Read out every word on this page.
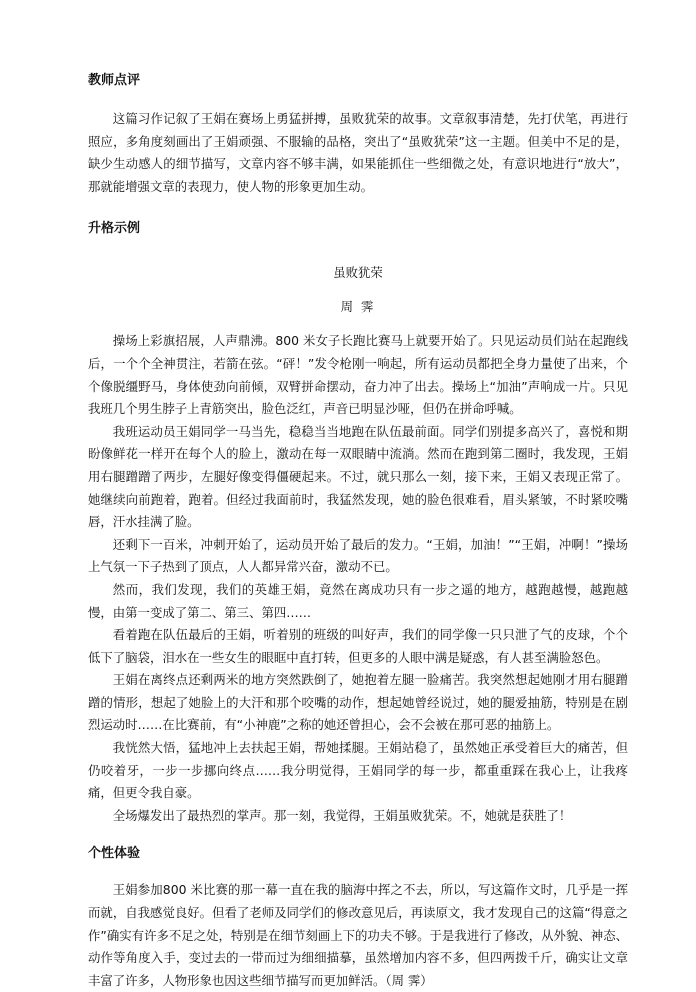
教师点评

这篇习作记叙了王娟在赛场上勇猛拼搏，虽败犹荣的故事。文章叙事清楚，先打伏笔，再进行照应，多角度刻画出了王娟顽强、不服输的品格，突出了“虽败犹荣”这一主题。但美中不足的是，缺少生动感人的细节描写，文章内容不够丰满，如果能抓住一些细微之处，有意识地进行“放大”，那就能增强文章的表现力，使人物的形象更加生动。

升格示例

虽败犹荣

周 霁

操场上彩旗招展，人声鼎沸。800 米女子长跑比赛马上就要开始了。只见运动员们站在起跑线后，一个个全神贯注，若箭在弦。“砰！”发令枪刚一响起，所有运动员都把全身力量使了出来，个个像脱缰野马，身体使劲向前倾，双臂拼命摆动，奋力冲了出去。操场上“加油”声响成一片。只见我班几个男生脖子上青筋突出，脸色泛红，声音已明显沙哑，但仍在拼命呼喊。

我班运动员王娟同学一马当先，稳稳当当地跑在队伍最前面。同学们别提多高兴了，喜悦和期盼像鲜花一样开在每个人的脸上，激动在每一双眼睛中流淌。然而在跑到第二圈时，我发现，王娟用右腿蹭蹭了两步，左腿好像变得僵硬起来。不过，就只那么一刻，接下来，王娟又表现正常了。她继续向前跑着，跑着。但经过我面前时，我猛然发现，她的脸色很难看，眉头紧皱，不时紧咬嘴唇，汗水挂满了脸。

还剩下一百米，冲刺开始了，运动员开始了最后的发力。“王娟，加油！”“王娟，冲啊！”操场上气氛一下子热到了顶点，人人都异常兴奋，激动不已。

然而，我们发现，我们的英雄王娟，竟然在离成功只有一步之遥的地方，越跑越慢，越跑越慢，由第一变成了第二、第三、第四……

看着跑在队伍最后的王娟，听着别的班级的叫好声，我们的同学像一只只泄了气的皮球，个个低下了脑袋，泪水在一些女生的眼眶中直打转，但更多的人眼中满是疑惑，有人甚至满脸怒色。

王娟在离终点还剩两米的地方突然跌倒了，她抱着左腿一脸痛苦。我突然想起她刚才用右腿蹭蹭的情形，想起了她脸上的大汗和那个咬嘴的动作，想起她曾经说过，她的腿爱抽筋，特别是在剧烈运动时……在比赛前，有“小神鹿”之称的她还曾担心，会不会被在那可恶的抽筋上。

我恍然大悟，猛地冲上去扶起王娟，帮她揉腿。王娟站稳了，虽然她正承受着巨大的痛苦，但仍咬着牙，一步一步挪向终点……我分明觉得，王娟同学的每一步，都重重踩在我心上，让我疼痛，但更令我自豪。

全场爆发出了最热烈的掌声。那一刻，我觉得，王娟虽败犹荣。不，她就是获胜了！

个性体验

王娟参加800 米比赛的那一幕一直在我的脑海中挥之不去，所以，写这篇作文时，几乎是一挥而就，自我感觉良好。但看了老师及同学们的修改意见后，再读原文，我才发现自己的这篇“得意之作”确实有许多不足之处，特别是在细节刻画上下的功夫不够。于是我进行了修改，从外貌、神态、动作等角度入手，变过去的一带而过为细细描摹，虽然增加内容不多，但四两拨千斤，确实让文章丰富了许多，人物形象也因这些细节描写而更加鲜活。（周 霁）
